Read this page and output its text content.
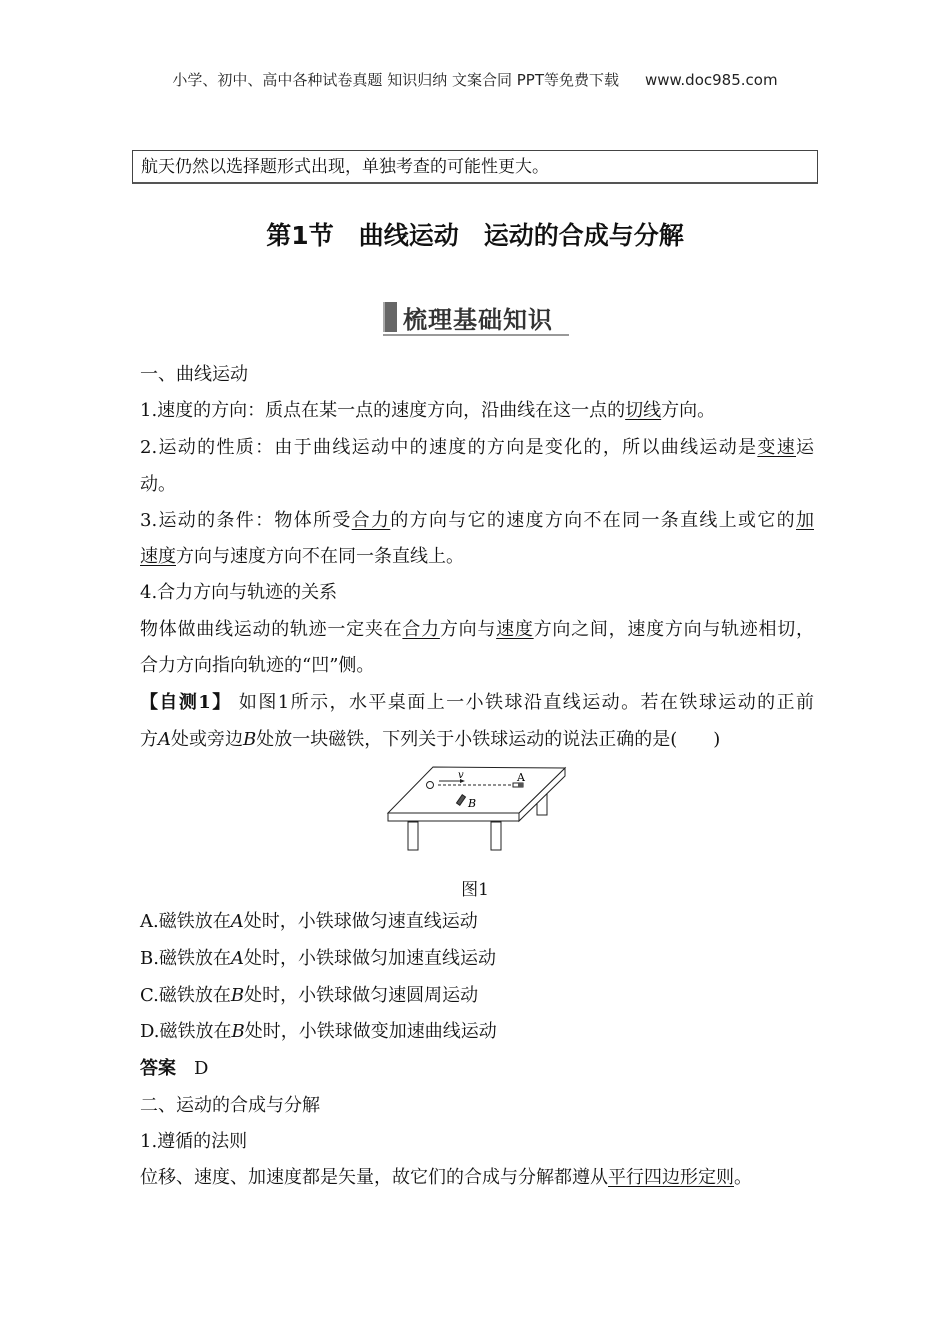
小学、初中、高中各种试卷真题 知识归纳 文案合同 PPT等免费下载 www.doc985.com
航天仍然以选择题形式出现，单独考查的可能性更大。
第1节　曲线运动　运动的合成与分解
梳理基础知识
一、曲线运动
1.速度的方向：质点在某一点的速度方向，沿曲线在这一点的切线方向。
2.运动的性质：由于曲线运动中的速度的方向是变化的，所以曲线运动是变速运
动。
3.运动的条件：物体所受合力的方向与它的速度方向不在同一条直线上或它的加
速度方向与速度方向不在同一条直线上。
4.合力方向与轨迹的关系
物体做曲线运动的轨迹一定夹在合力方向与速度方向之间，速度方向与轨迹相切，
合力方向指向轨迹的“凹”侧。
【自测1】 如图1所示，水平桌面上一小铁球沿直线运动。若在铁球运动的正前
方A处或旁边B处放一块磁铁，下列关于小铁球运动的说法正确的是(　　)
A.磁铁放在A处时，小铁球做匀速直线运动
B.磁铁放在A处时，小铁球做匀加速直线运动
C.磁铁放在B处时，小铁球做匀速圆周运动
D.磁铁放在B处时，小铁球做变加速曲线运动
答案　D
二、运动的合成与分解
1.遵循的法则
位移、速度、加速度都是矢量，故它们的合成与分解都遵从平行四边形定则。
v	A
B
图1
